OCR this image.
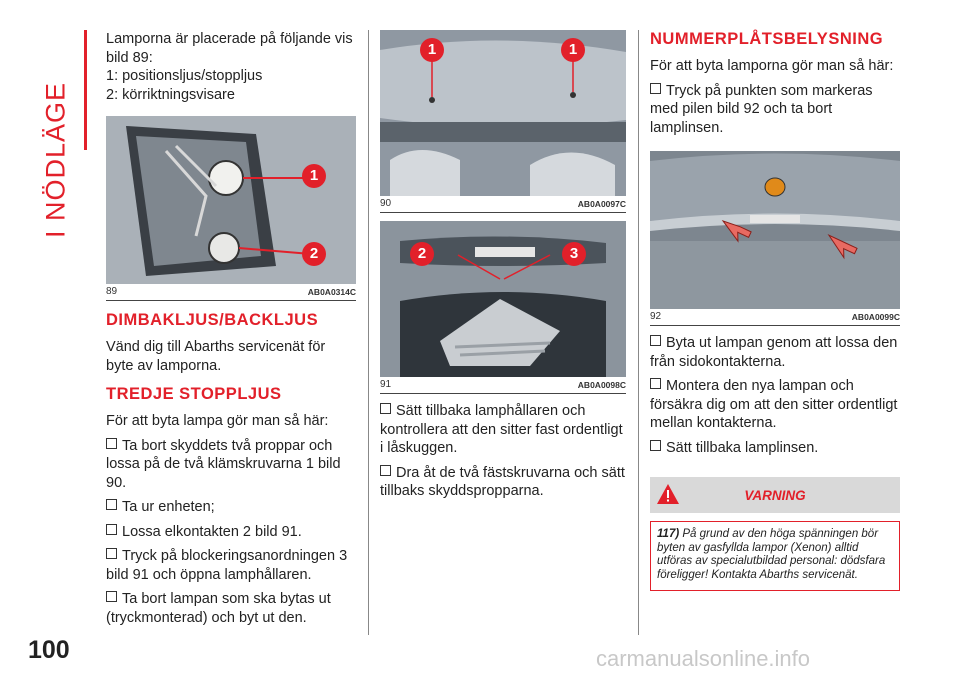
I NÖDLÄGE
100	carmanualsonline.info

Lamporna är placerade på följande vis

bild 89:

1: positionsljus/stoppljus

2: körriktningsvisare

1
2
89	AB0A0314C
DIMBAKLJUS/BACKLJUS

Vänd dig till Abarths servicenät för byte av lamporna.

TREDJE STOPPLJUS

För att byta lampa gör man så här:

Ta bort skyddets två proppar och lossa på de två klämskruvarna 1 bild 90.

Ta ur enheten;

Lossa elkontakten 2 bild 91.

Tryck på blockeringsanordningen 3 bild 91 och öppna lamphållaren.

Ta bort lampan som ska bytas ut (tryckmonterad) och byt ut den.

1	1
90	AB0A0097C
2	3
91	AB0A0098C

Sätt tillbaka lamphållaren och kontrollera att den sitter fast ordentligt i låskuggen.

Dra åt de två fästskruvarna och sätt tillbaks skyddspropparna.

NUMMERPLÅTSBELYSNING

För att byta lamporna gör man så här:

Tryck på punkten som markeras med pilen bild 92 och ta bort lamplinsen.

92	AB0A0099C

Byta ut lampan genom att lossa den från sidokontakterna.

Montera den nya lampan och försäkra dig om att den sitter ordentligt mellan kontakterna.

Sätt tillbaka lamplinsen.

VARNING
117) På grund av den höga spänningen bör byten av gasfyllda lampor (Xenon) alltid utföras av specialutbildad personal: dödsfara föreligger! Kontakta Abarths servicenät.
